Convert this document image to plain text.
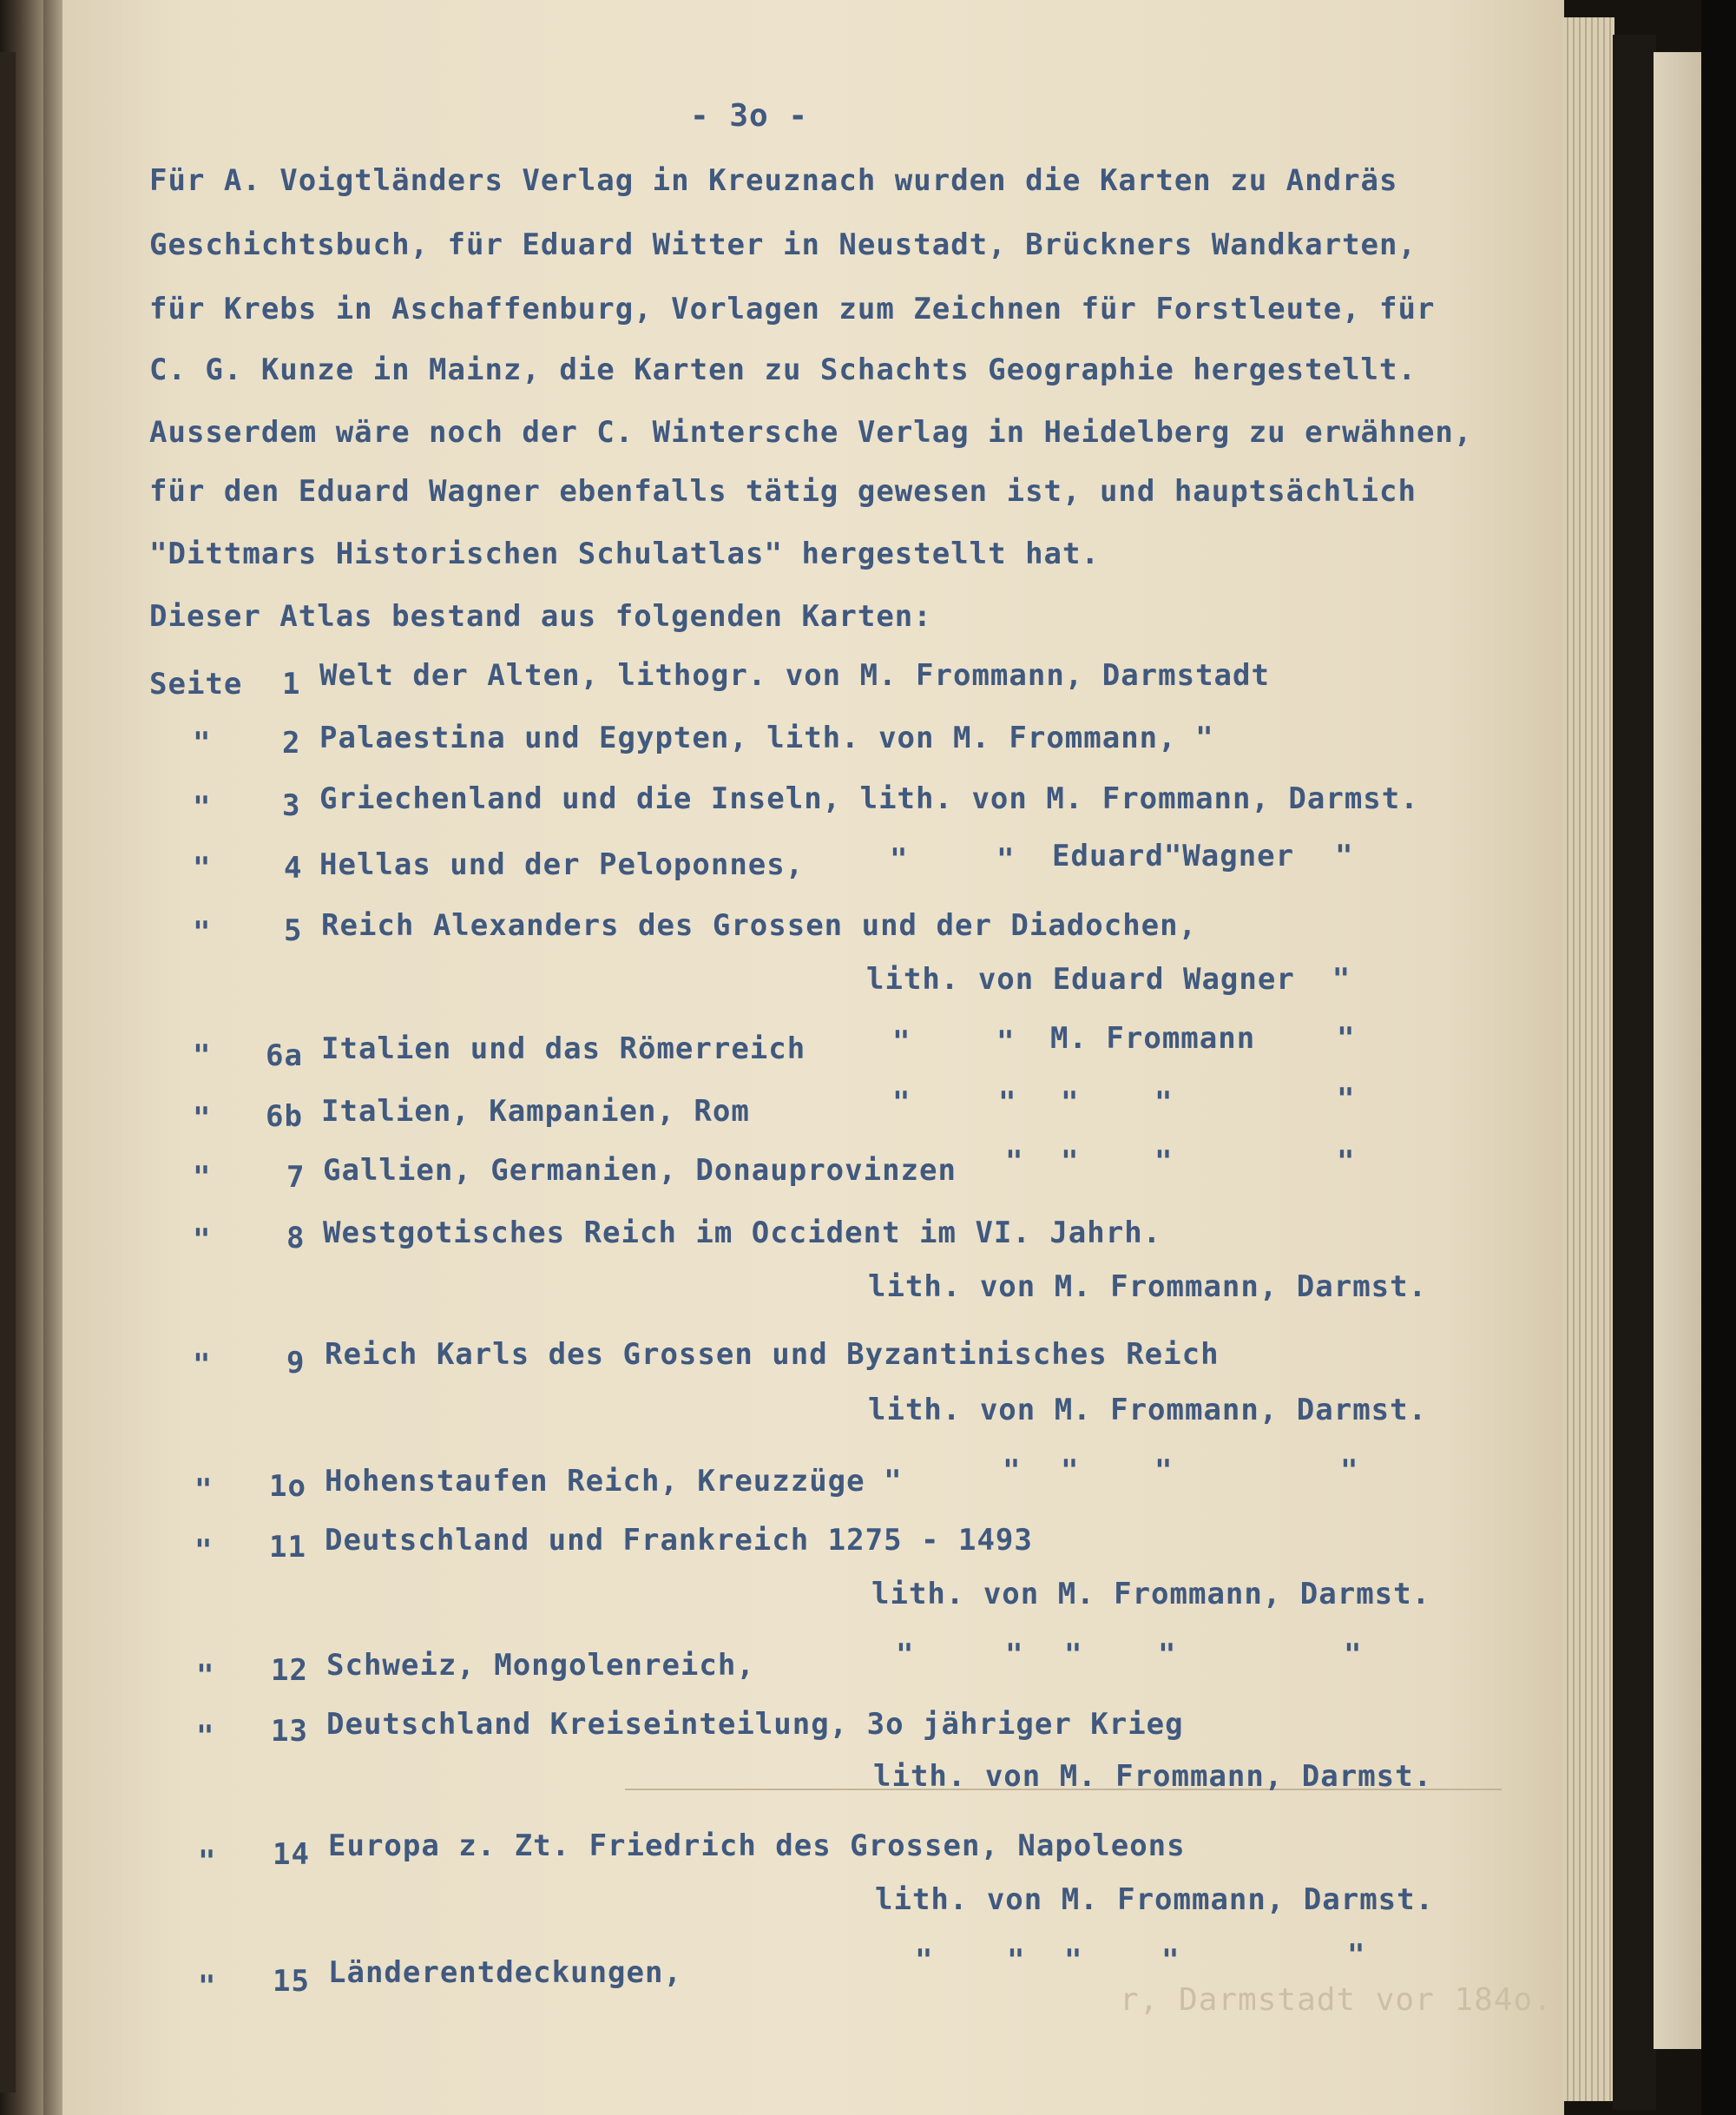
r, Darmstadt vor 184o.
- 3o -
Für A. Voigtländers Verlag in Kreuznach wurden die Karten zu Andräs
Geschichtsbuch, für Eduard Witter in Neustadt, Brückners Wandkarten,
für Krebs in Aschaffenburg, Vorlagen zum Zeichnen für Forstleute, für
C. G. Kunze in Mainz, die Karten zu Schachts Geographie hergestellt.
Ausserdem wäre noch der C. Wintersche Verlag in Heidelberg zu erwähnen,
für den Eduard Wagner ebenfalls tätig gewesen ist, und hauptsächlich
"Dittmars Historischen Schulatlas" hergestellt hat.
Dieser Atlas bestand aus folgenden Karten:
Seite 1 Welt der Alten, lithogr. von M. Frommann, Darmstadt
" 2 Palaestina und Egypten, lith. von M. Frommann, "
" 3 Griechenland und die Inseln, lith. von M. Frommann, Darmst.
" 4 Hellas und der Peloponnes,	"	" Eduard"Wagner "
" 5 Reich Alexanders des Grossen und der Diadochen,
lith. von Eduard Wagner  "
" 6a Italien und das Römerreich	"	" M. Frommann	"
" 6b Italien, Kampanien, Rom	"	" "	"	"
"	7 Gallien, Germanien, Donauprovinzen " "	"	"
"	8 Westgotisches Reich im Occident im VI. Jahrh.
lith. von M. Frommann, Darmst.
"	9 Reich Karls des Grossen und Byzantinisches Reich
lith. von M. Frommann, Darmst.
" 1o Hohenstaufen Reich, Kreuzzüge "	" "	"	"
" 11 Deutschland und Frankreich 1275 - 1493
lith. von M. Frommann, Darmst.
" 12 Schweiz, Mongolenreich,	"	" "	"	"
" 13 Deutschland Kreiseinteilung, 3o jähriger Krieg
lith. von M. Frommann, Darmst.
" 14 Europa z. Zt. Friedrich des Grossen, Napoleons
lith. von M. Frommann, Darmst.
" 15 Länderentdeckungen,	" " "	"	"
